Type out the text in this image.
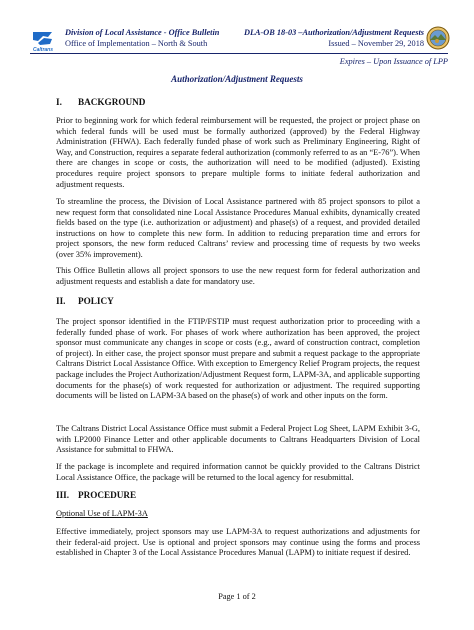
Caltrans
Division of Local Assistance - Office Bulletin
Office of Implementation – North & South
DLA-OB 18-03 –Authorization/Adjustment Requests
Issued – November 29, 2018
Expires – Upon Issuance of LPP
Authorization/Adjustment Requests
I. BACKGROUND
Prior to beginning work for which federal reimbursement will be requested, the project or project phase on which federal funds will be used must be formally authorized (approved) by the Federal Highway Administration (FHWA). Each federally funded phase of work such as Preliminary Engineering, Right of Way, and Construction, requires a separate federal authorization (commonly referred to as an “E-76”). When there are changes in scope or costs, the authorization will need to be modified (adjusted). Existing procedures require project sponsors to prepare multiple forms to initiate federal authorization and adjustment requests.
To streamline the process, the Division of Local Assistance partnered with 85 project sponsors to pilot a new request form that consolidated nine Local Assistance Procedures Manual exhibits, dynamically created fields based on the type (i.e. authorization or adjustment) and phase(s) of a request, and provided detailed instructions on how to complete this new form. In addition to reducing preparation time and errors for project sponsors, the new form reduced Caltrans’ review and processing time of requests by two weeks (over 35% improvement).
This Office Bulletin allows all project sponsors to use the new request form for federal authorization and adjustment requests and establish a date for mandatory use.
II. POLICY
The project sponsor identified in the FTIP/FSTIP must request authorization prior to proceeding with a federally funded phase of work. For phases of work where authorization has been approved, the project sponsor must communicate any changes in scope or costs (e.g., award of construction contract, completion of project). In either case, the project sponsor must prepare and submit a request package to the appropriate Caltrans District Local Assistance Office. With exception to Emergency Relief Program projects, the request package includes the Project Authorization/Adjustment Request form, LAPM-3A, and applicable supporting documents for the phase(s) of work requested for authorization or adjustment. The required supporting documents will be listed on LAPM-3A based on the phase(s) of work and other inputs on the form.
The Caltrans District Local Assistance Office must submit a Federal Project Log Sheet, LAPM Exhibit 3-G, with LP2000 Finance Letter and other applicable documents to Caltrans Headquarters Division of Local Assistance for submittal to FHWA.
If the package is incomplete and required information cannot be quickly provided to the Caltrans District Local Assistance Office, the package will be returned to the local agency for resubmittal.
III. PROCEDURE
Optional Use of LAPM-3A
Effective immediately, project sponsors may use LAPM-3A to request authorizations and adjustments for their federal-aid project. Use is optional and project sponsors may continue using the forms and process established in Chapter 3 of the Local Assistance Procedures Manual (LAPM) to initiate request if desired.
Page 1 of 2
